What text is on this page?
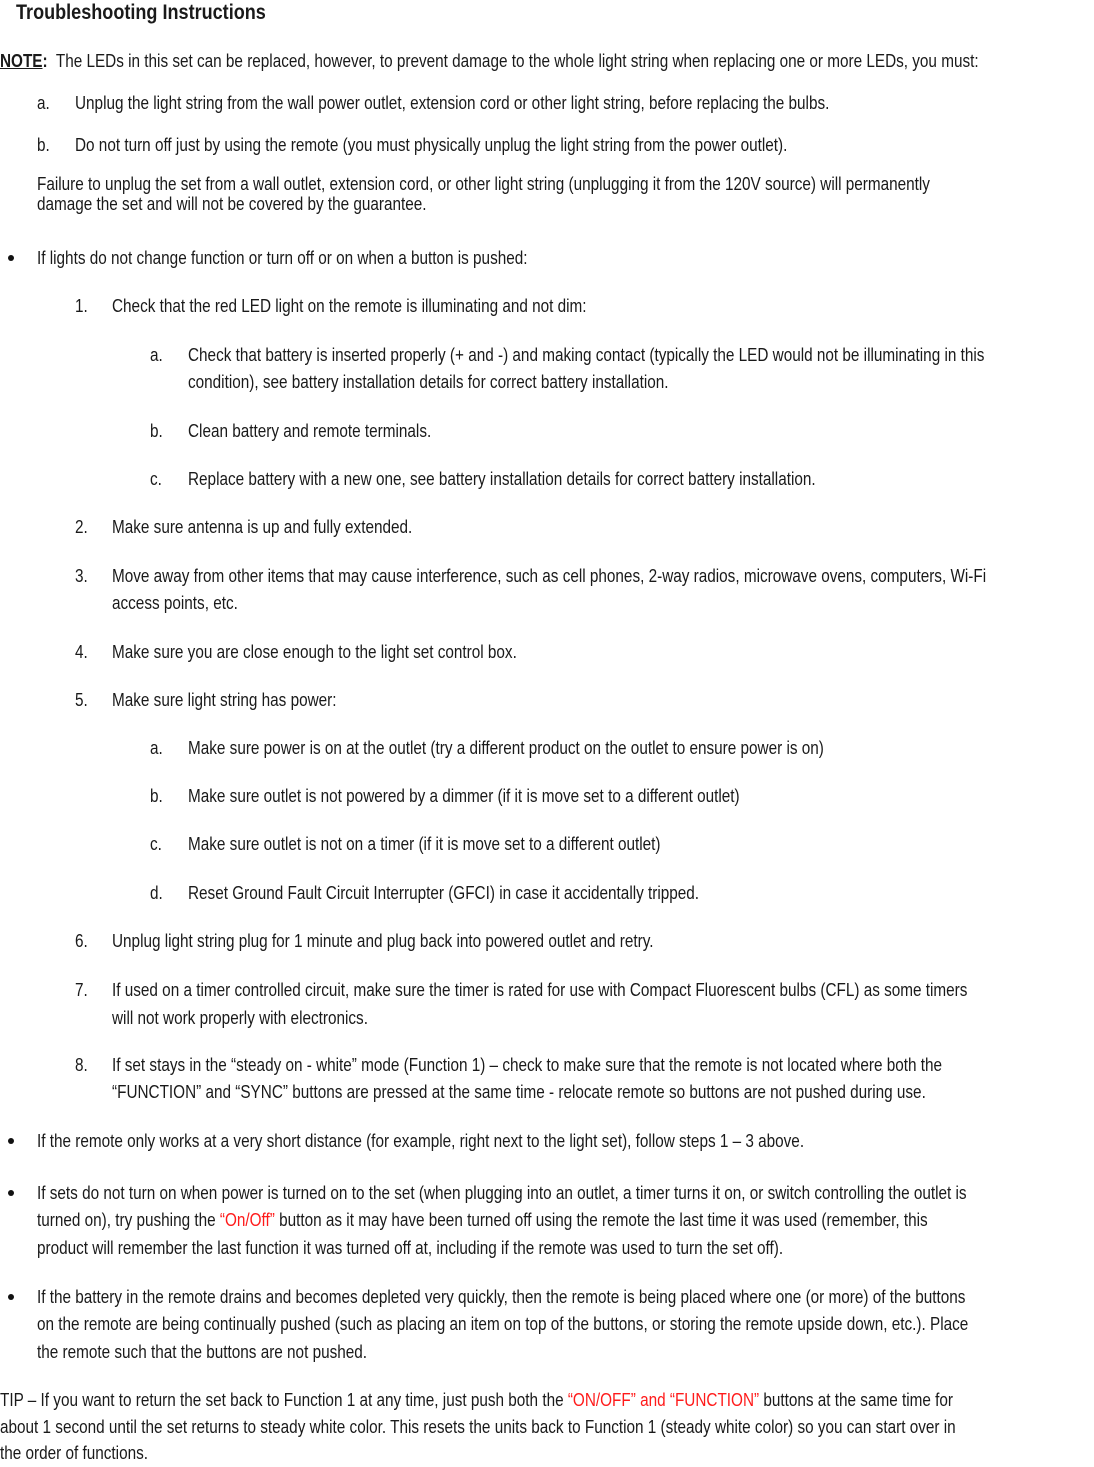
Troubleshooting Instructions
NOTE: The LEDs in this set can be replaced, however, to prevent damage to the whole light string when replacing one or more LEDs, you must:
a. Unplug the light string from the wall power outlet, extension cord or other light string, before replacing the bulbs.
b. Do not turn off just by using the remote (you must physically unplug the light string from the power outlet).
Failure to unplug the set from a wall outlet, extension cord, or other light string (unplugging it from the 120V source) will permanently
damage the set and will not be covered by the guarantee.
If lights do not change function or turn off or on when a button is pushed:
1. Check that the red LED light on the remote is illuminating and not dim:
a. Check that battery is inserted properly (+ and -) and making contact (typically the LED would not be illuminating in this
condition), see battery installation details for correct battery installation.
b. Clean battery and remote terminals.
c. Replace battery with a new one, see battery installation details for correct battery installation.
2. Make sure antenna is up and fully extended.
3. Move away from other items that may cause interference, such as cell phones, 2-way radios, microwave ovens, computers, Wi-Fi
access points, etc.
4. Make sure you are close enough to the light set control box.
5. Make sure light string has power:
a. Make sure power is on at the outlet (try a different product on the outlet to ensure power is on)
b. Make sure outlet is not powered by a dimmer (if it is move set to a different outlet)
c. Make sure outlet is not on a timer (if it is move set to a different outlet)
d. Reset Ground Fault Circuit Interrupter (GFCI) in case it accidentally tripped.
6. Unplug light string plug for 1 minute and plug back into powered outlet and retry.
7. If used on a timer controlled circuit, make sure the timer is rated for use with Compact Fluorescent bulbs (CFL) as some timers
will not work properly with electronics.
8. If set stays in the “steady on - white” mode (Function 1) – check to make sure that the remote is not located where both the
“FUNCTION” and “SYNC” buttons are pressed at the same time - relocate remote so buttons are not pushed during use.
If the remote only works at a very short distance (for example, right next to the light set), follow steps 1 – 3 above.
If sets do not turn on when power is turned on to the set (when plugging into an outlet, a timer turns it on, or switch controlling the outlet is
turned on), try pushing the “On/Off” button as it may have been turned off using the remote the last time it was used (remember, this
product will remember the last function it was turned off at, including if the remote was used to turn the set off).
If the battery in the remote drains and becomes depleted very quickly, then the remote is being placed where one (or more) of the buttons
on the remote are being continually pushed (such as placing an item on top of the buttons, or storing the remote upside down, etc.). Place
the remote such that the buttons are not pushed.
TIP – If you want to return the set back to Function 1 at any time, just push both the “ON/OFF” and “FUNCTION” buttons at the same time for
about 1 second until the set returns to steady white color. This resets the units back to Function 1 (steady white color) so you can start over in
the order of functions.
